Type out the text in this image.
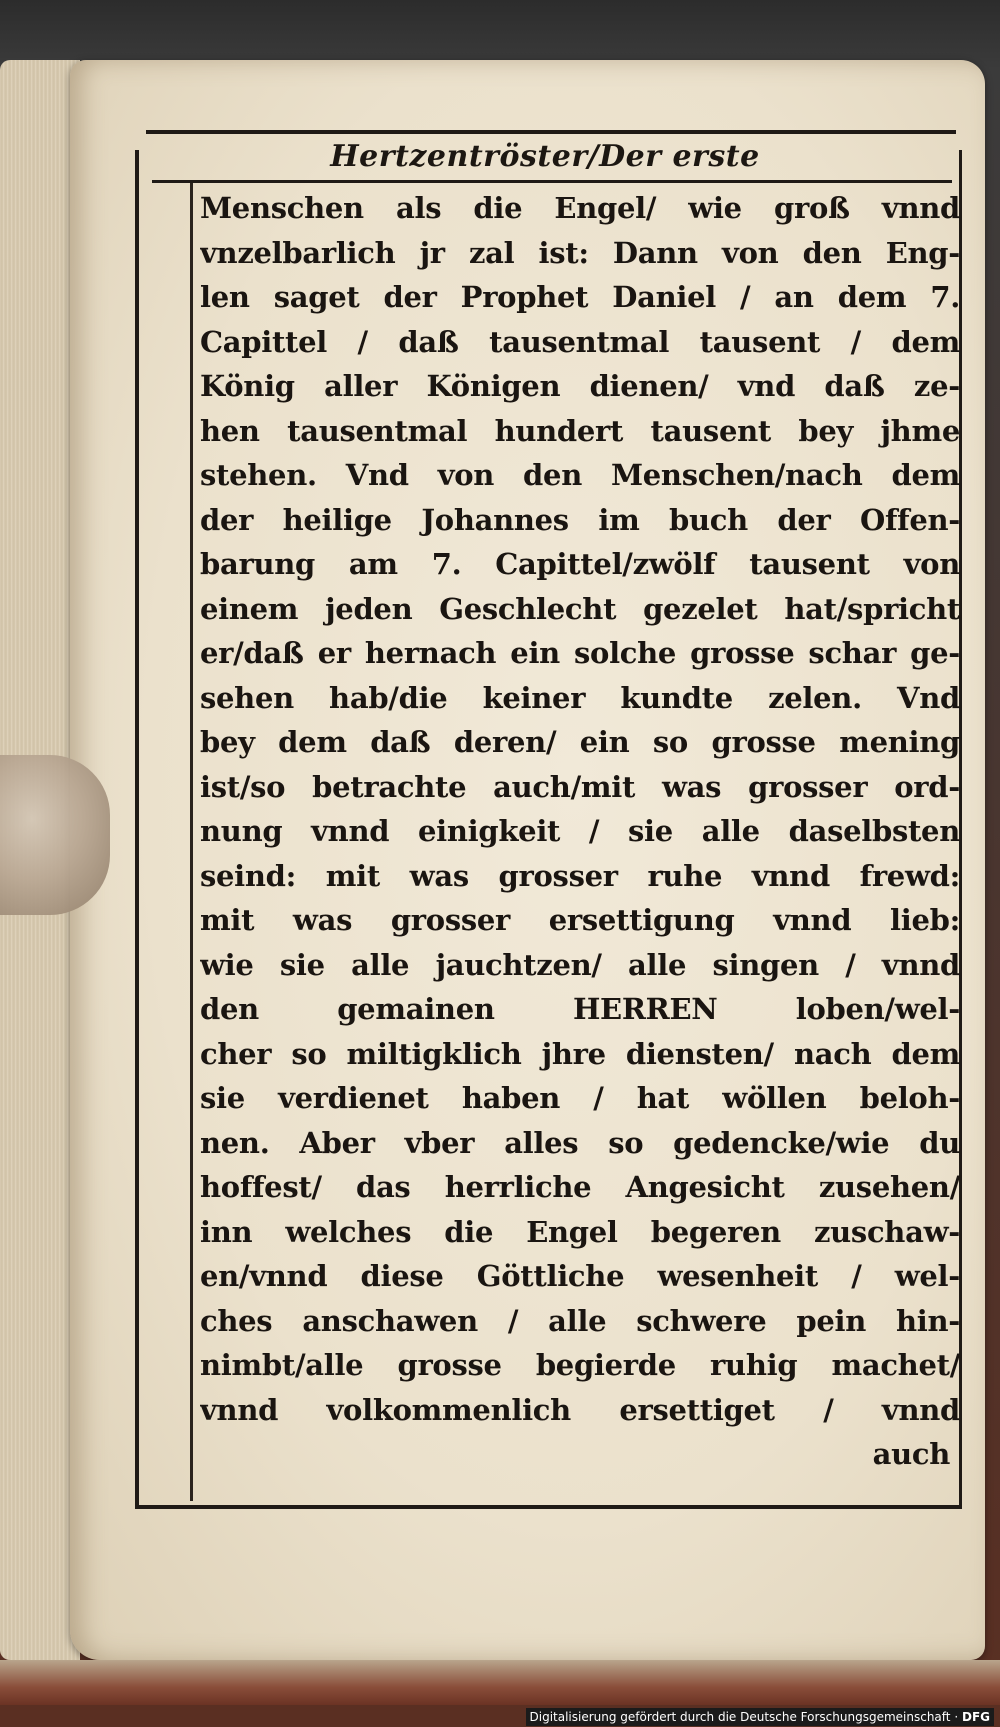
Hertzentröster/Der erste
Menschen als die Engel/ wie groß vnnd
vnzelbarlich jr zal ist: Dann von den Eng-
len saget der Prophet Daniel / an dem 7.
Capittel / daß tausentmal tausent / dem
König aller Königen dienen/ vnd daß ze-
hen tausentmal hundert tausent bey jhme
stehen. Vnd von den Menschen/nach dem
der heilige Johannes im buch der Offen-
barung am 7. Capittel/zwölf tausent von
einem jeden Geschlecht gezelet hat/spricht
er/daß er hernach ein solche grosse schar ge-
sehen hab/die keiner kundte zelen. Vnd
bey dem daß deren/ ein so grosse mening
ist/so betrachte auch/mit was grosser ord-
nung vnnd einigkeit / sie alle daselbsten
seind: mit was grosser ruhe vnnd frewd:
mit was grosser ersettigung vnnd lieb:
wie sie alle jauchtzen/ alle singen / vnnd
den gemainen HERREN loben/wel-
cher so miltigklich jhre diensten/ nach dem
sie verdienet haben / hat wöllen beloh-
nen. Aber vber alles so gedencke/wie du
hoffest/ das herrliche Angesicht zusehen/
inn welches die Engel begeren zuschaw-
en/vnnd diese Göttliche wesenheit / wel-
ches anschawen / alle schwere pein hin-
nimbt/alle grosse begierde ruhig machet/
vnnd volkommenlich ersettiget / vnnd
auch
Digitalisierung gefördert durch die Deutsche Forschungsgemeinschaft · DFG
